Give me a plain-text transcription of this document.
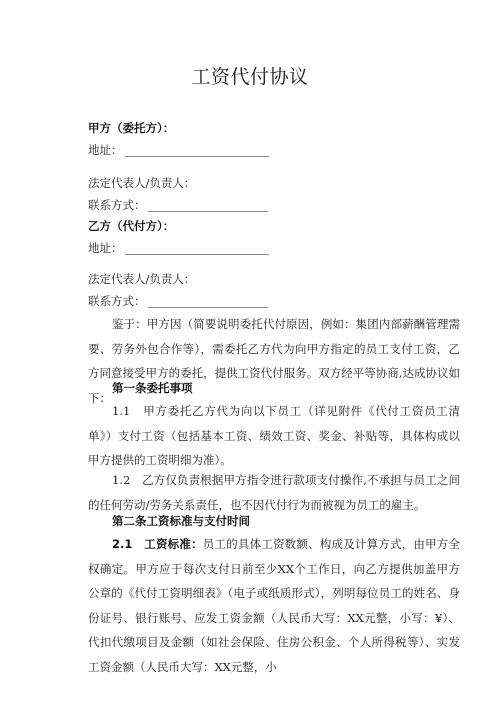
工资代付协议
甲方（委托方）：
地址：
法定代表人/负责人：
联系方式：
乙方（代付方）：
地址：
法定代表人/负责人：
联系方式：
鉴于：甲方因（简要说明委托代付原因，例如：集团内部薪酬管理需要、劳务外包合作等），需委托乙方代为向甲方指定的员工支付工资，乙方同意接受甲方的委托，提供工资代付服务。双方经平等协商,达成协议如下：
第一条委托事项
1.1　甲方委托乙方代为向以下员工（详见附件《代付工资员工清单》）支付工资（包括基本工资、绩效工资、奖金、补贴等，具体构成以甲方提供的工资明细为准）。
1.2　乙方仅负责根据甲方指令进行款项支付操作,不承担与员工之间的任何劳动/劳务关系责任，也不因代付行为而被视为员工的雇主。
第二条工资标准与支付时间
2.1　工资标准：员工的具体工资数额、构成及计算方式，由甲方全权确定。甲方应于每次支付日前至少XX个工作日，向乙方提供加盖甲方公章的《代付工资明细表》（电子或纸质形式），列明每位员工的姓名、身份证号、银行账号、应发工资金额（人民币大写：XX元整，小写：¥）、代扣代缴项目及金额（如社会保险、住房公积金、个人所得税等）、实发工资金额（人民币大写：XX元整，小
